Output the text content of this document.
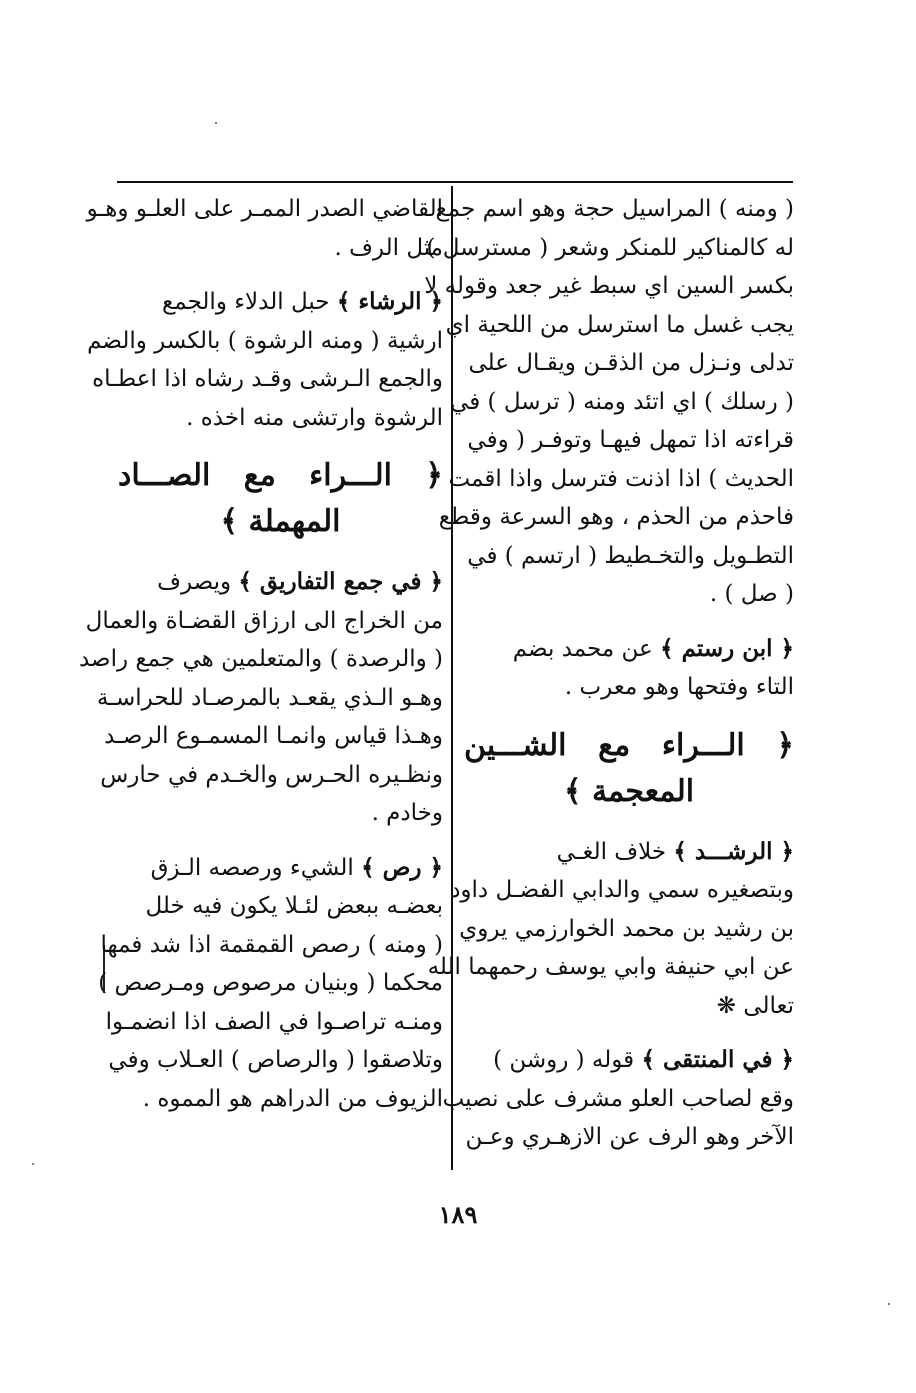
( ومنه ) المراسيل حجة وهو اسم جمع
له كالمناكير للمنكر وشعر ( مسترسل )
بكسر السين اي سبط غير جعد وقوله لا
يجب غسل ما استرسل من اللحية اي
تدلى ونـزل من الذقـن ويقـال على
( رسلك ) اي اتئد ومنه ( ترسل ) في
قراءته اذا تمهل فيهـا وتوفـر ( وفي
الحديث ) اذا اذنت فترسل واذا اقمت
فاحذم من الحذم ، وهو السرعة وقطع
التطـويل والتخـطيط ( ارتسم ) في
( صل ) .
﴿ ابن رستم ﴾ عن محمد بضم
التاء وفتحها وهو معرب .
﴿ الـــراء مع الشـــين
المعجمة ﴾
﴿ الرشـــد ﴾ خلاف الغـي
وبتصغيره سمي والدابي الفضـل داود
بن رشيد بن محمد الخوارزمي يروي
عن ابي حنيفة وابي يوسف رحمهما الله
تعالى ❋
﴿ في المنتقى ﴾ قوله ( روشن )
وقع لصاحب العلو مشرف على نصيب
الآخر وهو الرف عن الازهـري وعـن
القاضي الصدر الممـر على العلـو وهـو
مثل الرف .
﴿ الرشاء ﴾ حبل الدلاء والجمع
ارشية ( ومنه الرشوة ) بالكسر والضم
والجمع الـرشى وقـد رشاه اذا اعطـاه
الرشوة وارتشى منه اخذه .
﴿ الـــراء مع الصـــاد
المهملة ﴾
﴿ في جمع التفاريق ﴾ ويصرف
من الخراج الى ارزاق القضـاة والعمال
( والرصدة ) والمتعلمين هي جمع راصد
وهـو الـذي يقعـد بالمرصـاد للحراسـة
وهـذا قياس وانمـا المسمـوع الرصـد
ونظـيره الحـرس والخـدم في حارس
وخادم .
﴿ رص ﴾ الشيء ورصصه الـزق
بعضـه ببعض لئـلا يكون فيه خلل
( ومنه ) رصص القمقمة اذا شد فمها
محكما ( وبنيان مرصوص ومـرصص )
ومنـه تراصـوا في الصف اذا انضمـوا
وتلاصقوا ( والرصاص ) العـلاب وفي
الزيوف من الدراهم هو المموه .
١٨٩
